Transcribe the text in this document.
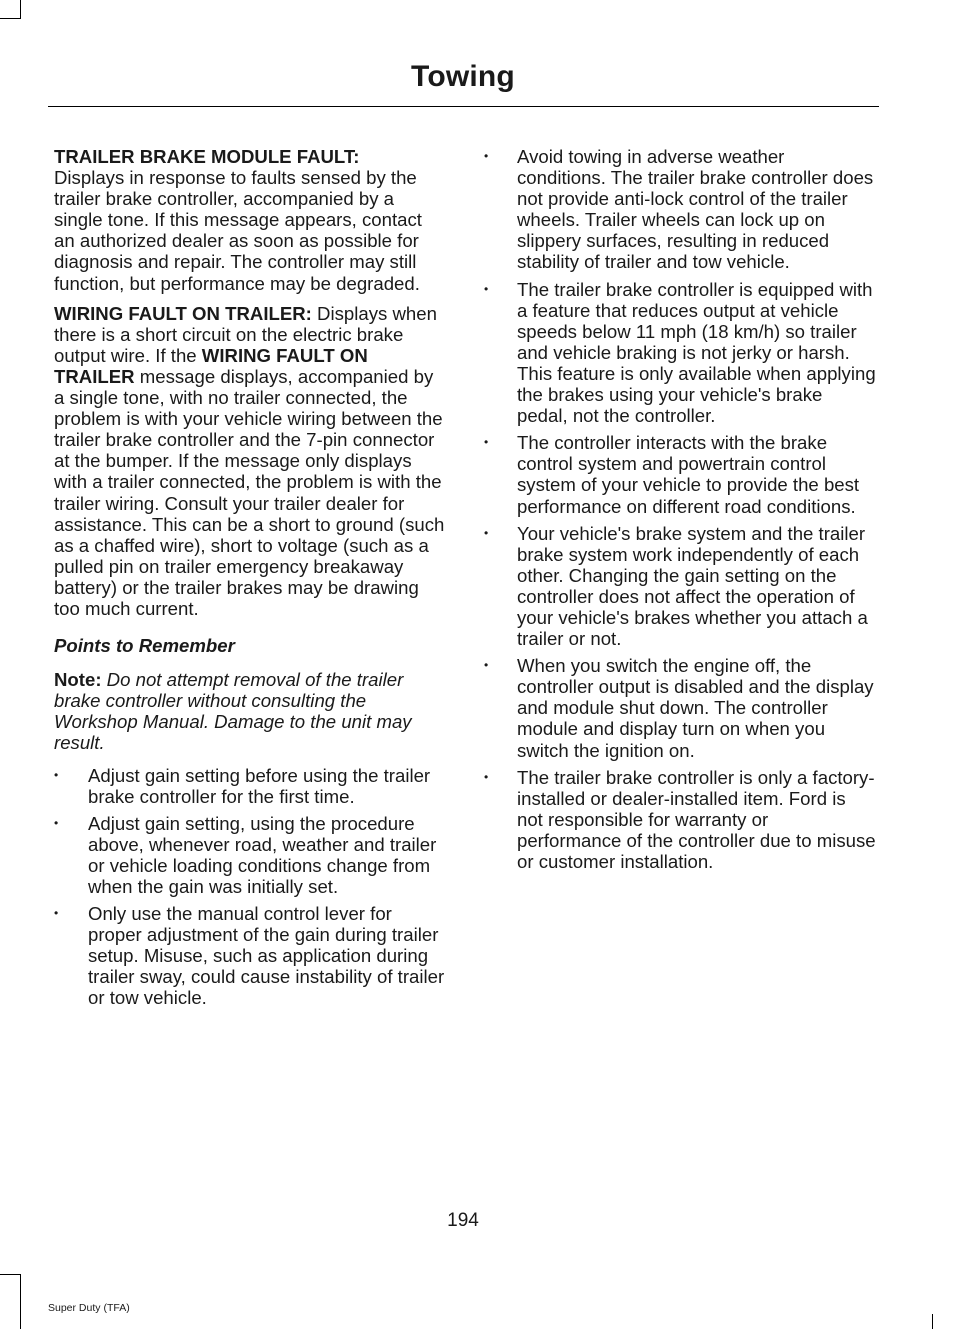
Towing

TRAILER BRAKE MODULE FAULT:
Displays in response to faults sensed by the trailer brake controller, accompanied by a single tone. If this message appears, contact an authorized dealer as soon as possible for diagnosis and repair. The controller may still function, but performance may be degraded.

WIRING FAULT ON TRAILER: Displays when there is a short circuit on the electric brake output wire. If the WIRING FAULT ON TRAILER message displays, accompanied by a single tone, with no trailer connected, the problem is with your vehicle wiring between the trailer brake controller and the 7-pin connector at the bumper. If the message only displays with a trailer connected, the problem is with the trailer wiring. Consult your trailer dealer for assistance. This can be a short to ground (such as a chaffed wire), short to voltage (such as a pulled pin on trailer emergency breakaway battery) or the trailer brakes may be drawing too much current.

Points to Remember

Note: Do not attempt removal of the trailer brake controller without consulting the Workshop Manual. Damage to the unit may result.

• Adjust gain setting before using the trailer brake controller for the first time.
• Adjust gain setting, using the procedure above, whenever road, weather and trailer or vehicle loading conditions change from when the gain was initially set.
• Only use the manual control lever for proper adjustment of the gain during trailer setup. Misuse, such as application during trailer sway, could cause instability of trailer or tow vehicle.
• Avoid towing in adverse weather conditions. The trailer brake controller does not provide anti-lock control of the trailer wheels. Trailer wheels can lock up on slippery surfaces, resulting in reduced stability of trailer and tow vehicle.
• The trailer brake controller is equipped with a feature that reduces output at vehicle speeds below 11 mph (18 km/h) so trailer and vehicle braking is not jerky or harsh. This feature is only available when applying the brakes using your vehicle's brake pedal, not the controller.
• The controller interacts with the brake control system and powertrain control system of your vehicle to provide the best performance on different road conditions.
• Your vehicle's brake system and the trailer brake system work independently of each other. Changing the gain setting on the controller does not affect the operation of your vehicle's brakes whether you attach a trailer or not.
• When you switch the engine off, the controller output is disabled and the display and module shut down. The controller module and display turn on when you switch the ignition on.
• The trailer brake controller is only a factory-installed or dealer-installed item. Ford is not responsible for warranty or performance of the controller due to misuse or customer installation.
194
Super Duty (TFA)
